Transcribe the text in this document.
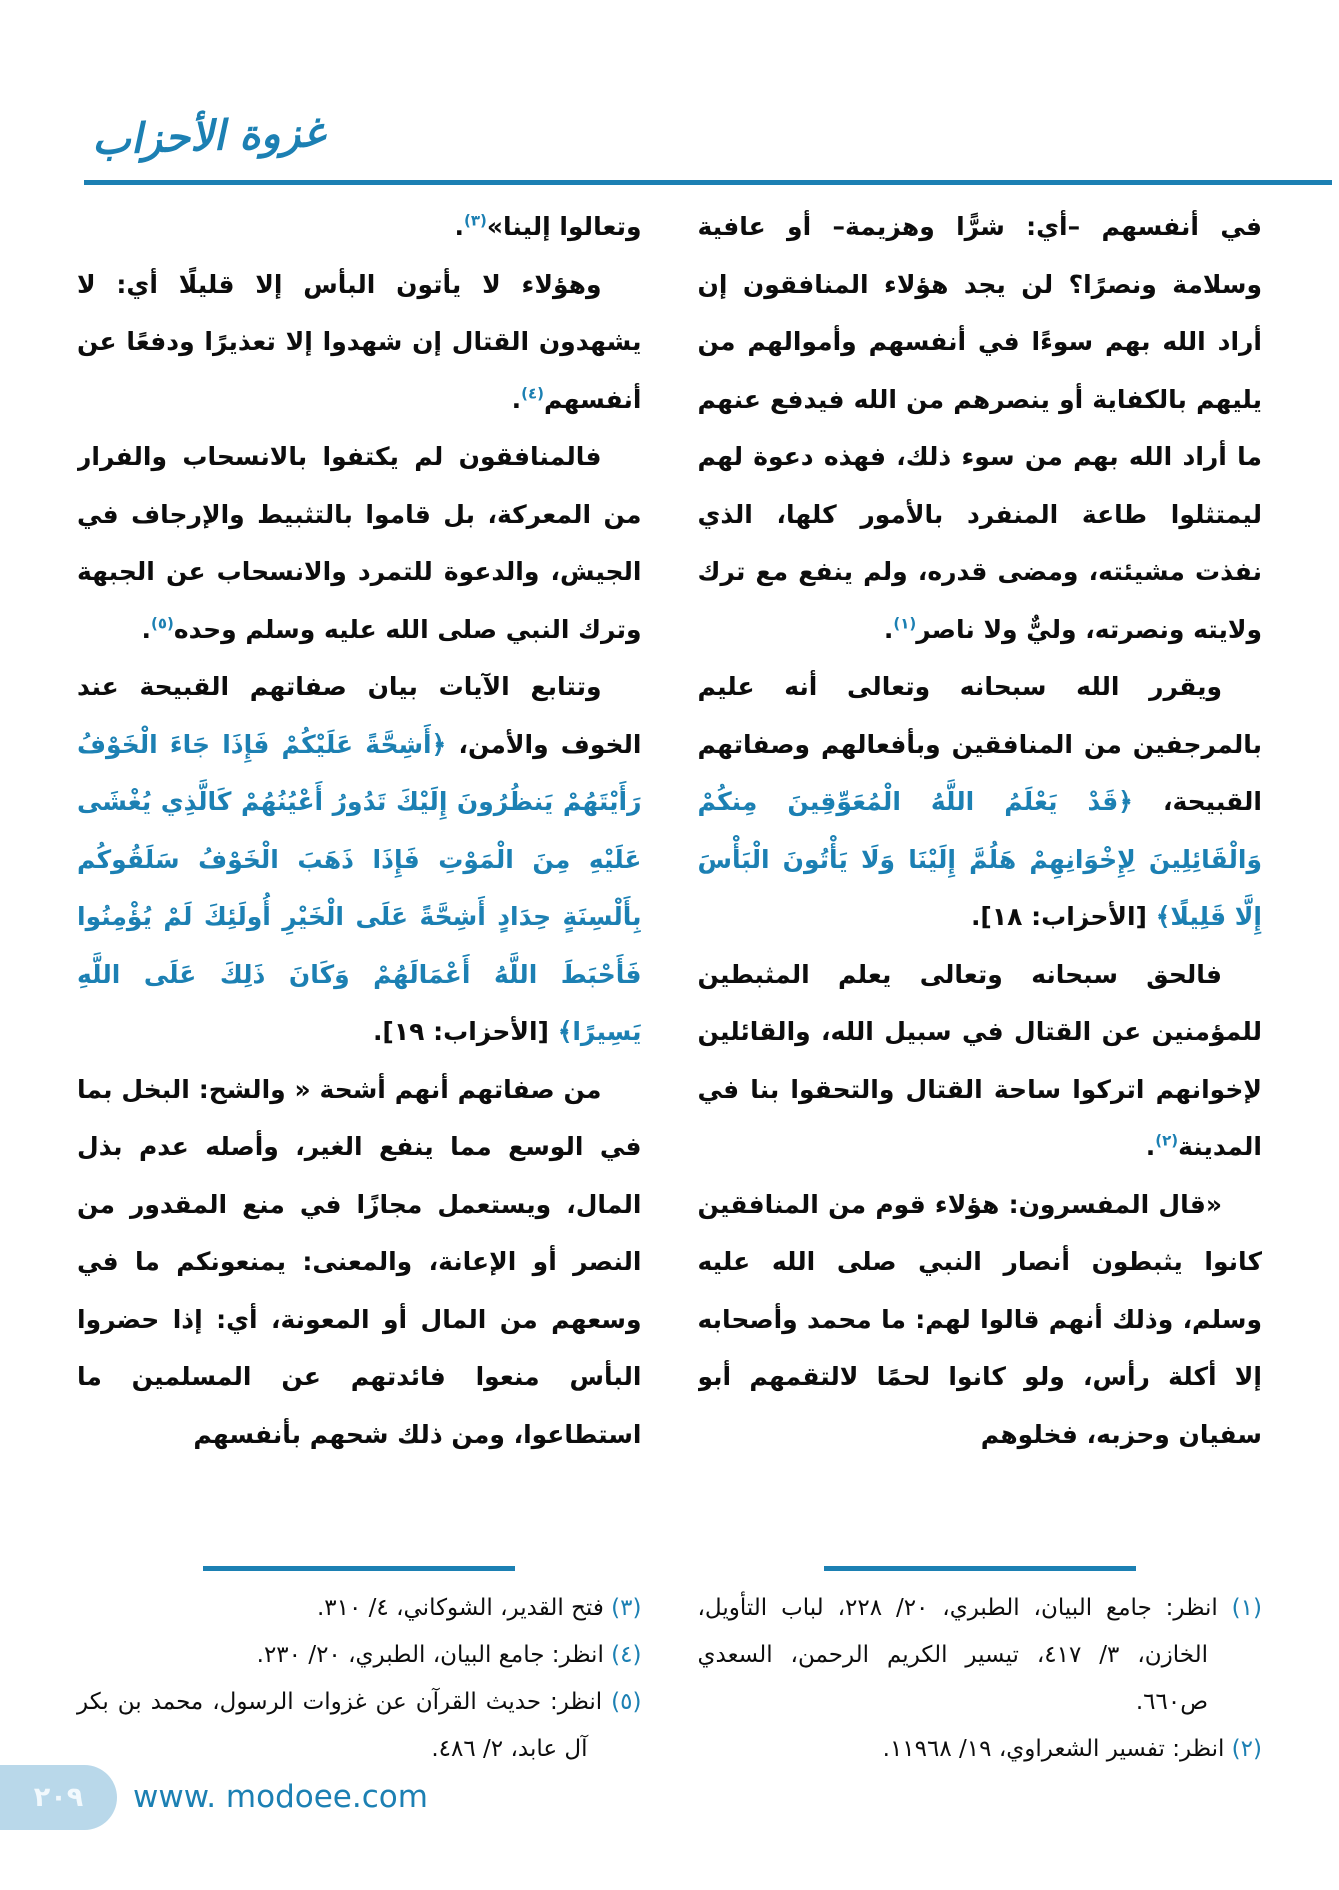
غزوة الأحزاب

في أنفسهم –أي: شرًّا وهزيمة– أو عافية وسلامة ونصرًا؟ لن يجد هؤلاء المنافقون إن أراد الله بهم سوءًا في أنفسهم وأموالهم من يليهم بالكفاية أو ينصرهم من الله فيدفع عنهم ما أراد الله بهم من سوء ذلك، فهذه دعوة لهم ليمتثلوا طاعة المنفرد بالأمور كلها، الذي نفذت مشيئته، ومضى قدره، ولم ينفع مع ترك ولايته ونصرته، وليٌّ ولا ناصر$^{(١)}$.

ويقرر الله سبحانه وتعالى أنه عليم بالمرجفين من المنافقين وبأفعالهم وصفاتهم القبيحة، ﴿قَدْ يَعْلَمُ اللَّهُ الْمُعَوِّقِينَ مِنكُمْ وَالْقَائِلِينَ لِإِخْوَانِهِمْ هَلُمَّ إِلَيْنَا وَلَا يَأْتُونَ الْبَأْسَ إِلَّا قَلِيلًا﴾ [الأحزاب: ١٨].

فالحق سبحانه وتعالى يعلم المثبطين للمؤمنين عن القتال في سبيل الله، والقائلين لإخوانهم اتركوا ساحة القتال والتحقوا بنا في المدينة$^{(٢)}$.

«قال المفسرون: هؤلاء قوم من المنافقين كانوا يثبطون أنصار النبي صلى الله عليه وسلم، وذلك أنهم قالوا لهم: ما محمد وأصحابه إلا أكلة رأس، ولو كانوا لحمًا لالتقمهم أبو سفيان وحزبه، فخلوهم

وتعالوا إلينا»$^{(٣)}$.

وهؤلاء لا يأتون البأس إلا قليلًا أي: لا يشهدون القتال إن شهدوا إلا تعذيرًا ودفعًا عن أنفسهم$^{(٤)}$.

فالمنافقون لم يكتفوا بالانسحاب والفرار من المعركة، بل قاموا بالتثبيط والإرجاف في الجيش، والدعوة للتمرد والانسحاب عن الجبهة وترك النبي صلى الله عليه وسلم وحده$^{(٥)}$.

وتتابع الآيات بيان صفاتهم القبيحة عند الخوف والأمن، ﴿أَشِحَّةً عَلَيْكُمْ فَإِذَا جَاءَ الْخَوْفُ رَأَيْتَهُمْ يَنظُرُونَ إِلَيْكَ تَدُورُ أَعْيُنُهُمْ كَالَّذِي يُغْشَى عَلَيْهِ مِنَ الْمَوْتِ فَإِذَا ذَهَبَ الْخَوْفُ سَلَقُوكُم بِأَلْسِنَةٍ حِدَادٍ أَشِحَّةً عَلَى الْخَيْرِ أُولَئِكَ لَمْ يُؤْمِنُوا فَأَحْبَطَ اللَّهُ أَعْمَالَهُمْ وَكَانَ ذَلِكَ عَلَى اللَّهِ يَسِيرًا﴾ [الأحزاب: ١٩].

من صفاتهم أنهم أشحة « والشح: البخل بما في الوسع مما ينفع الغير، وأصله عدم بذل المال، ويستعمل مجازًا في منع المقدور من النصر أو الإعانة، والمعنى: يمنعونكم ما في وسعهم من المال أو المعونة، أي: إذا حضروا البأس منعوا فائدتهم عن المسلمين ما استطاعوا، ومن ذلك شحهم بأنفسهم

(١) انظر: جامع البيان، الطبري، ٢٠/ ٢٢٨، لباب التأويل، الخازن، ٣/ ٤١٧، تيسير الكريم الرحمن، السعدي ص٦٦٠.
(٢) انظر: تفسير الشعراوي، ١٩/ ١١٩٦٨.
(٣) فتح القدير، الشوكاني، ٤/ ٣١٠.
(٤) انظر: جامع البيان، الطبري، ٢٠/ ٢٣٠.
(٥) انظر: حديث القرآن عن غزوات الرسول، محمد بن بكر آل عابد، ٢/ ٤٨٦.
٢٠٩ www. modoee.com
